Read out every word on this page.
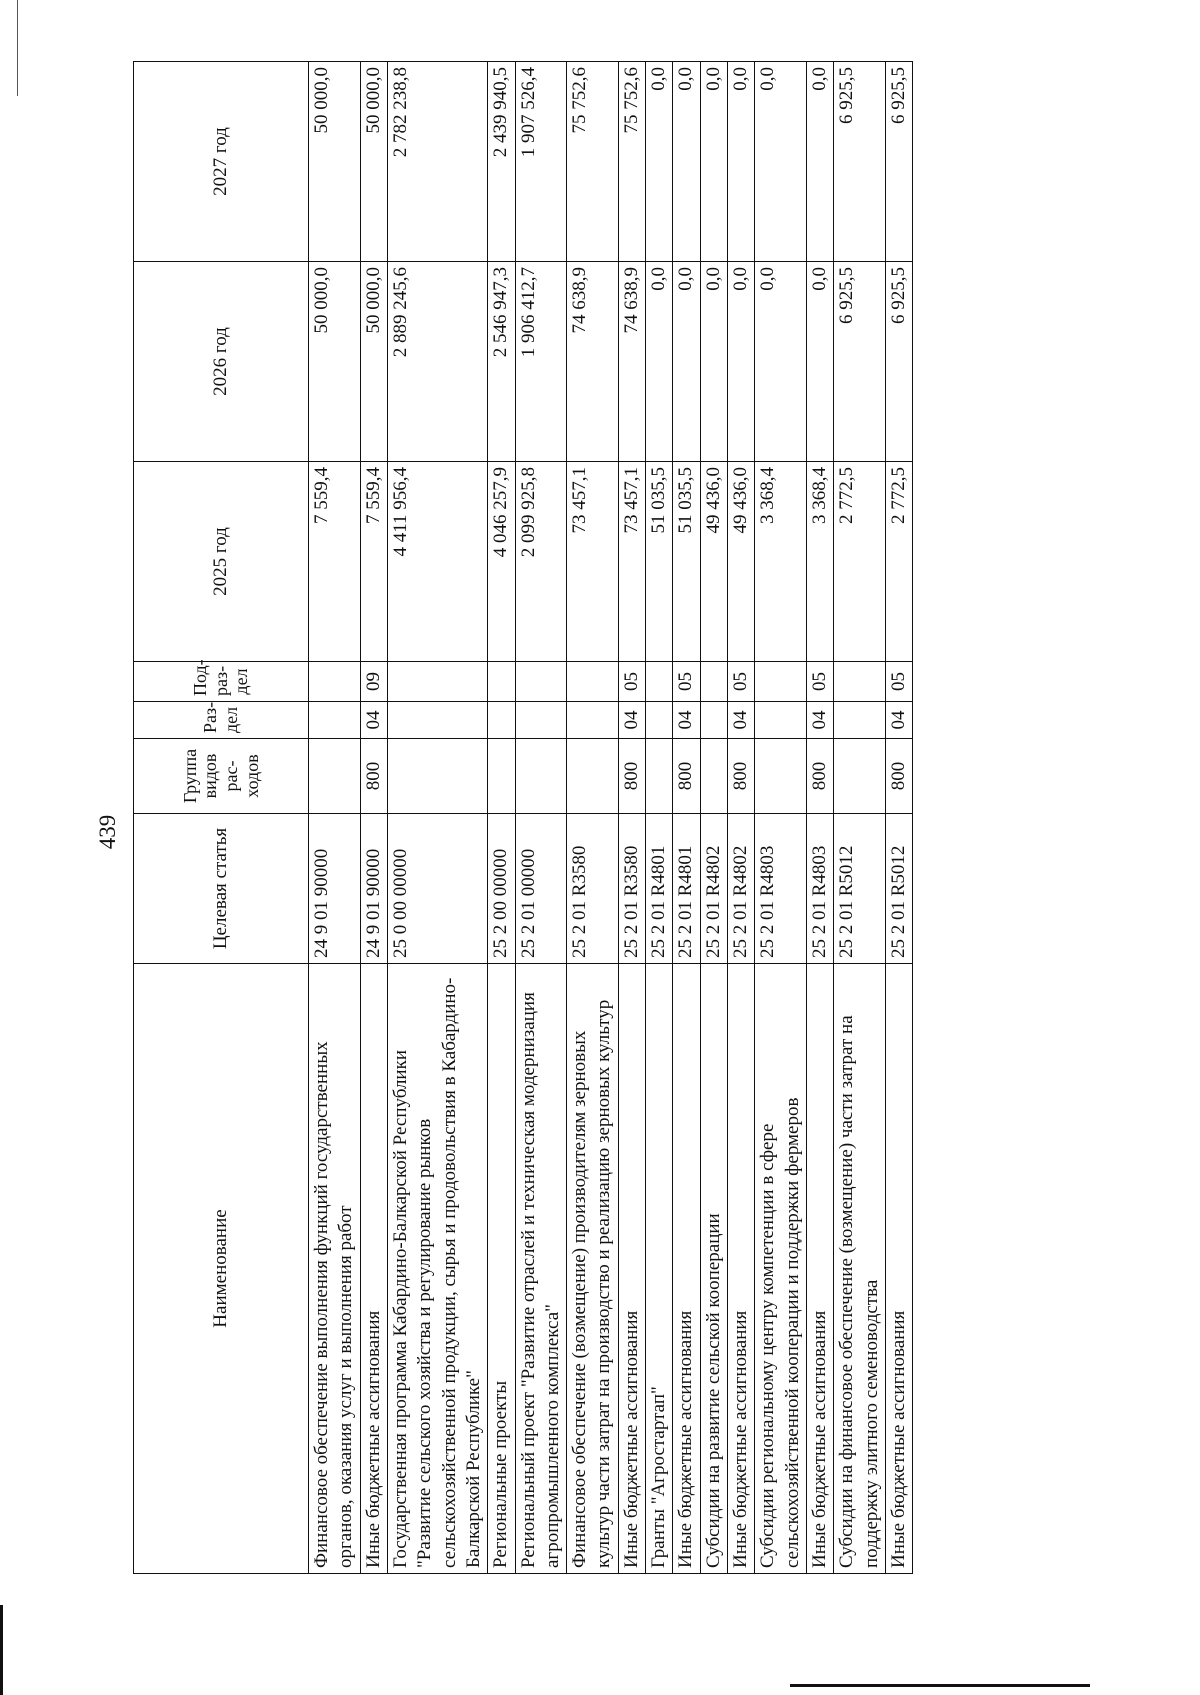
439
Наименование	Целевая статья	Группа видов рас- ходов	Раз- дел	Под- раз- дел	2025 год	2026 год	2027 год
Финансовое обеспечение выполнения функций государственных органов, оказания услуг и выполнения работ	24 9 01 90000				7 559,4	50 000,0	50 000,0
Иные бюджетные ассигнования	24 9 01 90000	800	04	09	7 559,4	50 000,0	50 000,0
Государственная программа Кабардино-Балкарской Республики "Развитие сельского хозяйства и регулирование рынков сельскохозяйственной продукции, сырья и продовольствия в Кабардино-Балкарской Республике"	25 0 00 00000				4 411 956,4	2 889 245,6	2 782 238,8
Региональные проекты	25 2 00 00000				4 046 257,9	2 546 947,3	2 439 940,5
Региональный проект "Развитие отраслей и техническая модернизация агропромышленного комплекса"	25 2 01 00000				2 099 925,8	1 906 412,7	1 907 526,4
Финансовое обеспечение (возмещение) производителям зерновых культур части затрат на производство и реализацию зерновых культур	25 2 01 R3580				73 457,1	74 638,9	75 752,6
Иные бюджетные ассигнования	25 2 01 R3580	800	04	05	73 457,1	74 638,9	75 752,6
Гранты "Агростартап"	25 2 01 R4801				51 035,5	0,0	0,0
Иные бюджетные ассигнования	25 2 01 R4801	800	04	05	51 035,5	0,0	0,0
Субсидии на развитие сельской кооперации	25 2 01 R4802				49 436,0	0,0	0,0
Иные бюджетные ассигнования	25 2 01 R4802	800	04	05	49 436,0	0,0	0,0
Субсидии региональному центру компетенции в сфере сельскохозяйственной кооперации и поддержки фермеров	25 2 01 R4803				3 368,4	0,0	0,0
Иные бюджетные ассигнования	25 2 01 R4803	800	04	05	3 368,4	0,0	0,0
Субсидии на финансовое обеспечение (возмещение) части затрат на поддержку элитного семеноводства	25 2 01 R5012				2 772,5	6 925,5	6 925,5
Иные бюджетные ассигнования	25 2 01 R5012	800	04	05	2 772,5	6 925,5	6 925,5
